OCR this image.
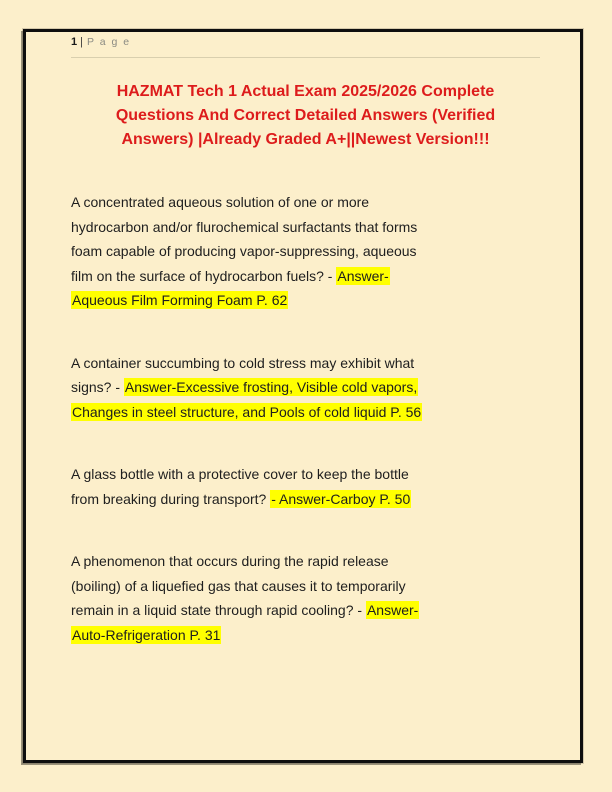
1 | P a g e
HAZMAT Tech 1 Actual Exam 2025/2026 Complete
Questions And Correct Detailed Answers (Verified
Answers) |Already Graded A+||Newest Version!!!
A concentrated aqueous solution of one or more
hydrocarbon and/or flurochemical surfactants that forms
foam capable of producing vapor-suppressing, aqueous
film on the surface of hydrocarbon fuels? - Answer-
Aqueous Film Forming Foam P. 62
A container succumbing to cold stress may exhibit what
signs? - Answer-Excessive frosting, Visible cold vapors,
Changes in steel structure, and Pools of cold liquid P. 56
A glass bottle with a protective cover to keep the bottle
from breaking during transport? - Answer-Carboy P. 50
A phenomenon that occurs during the rapid release
(boiling) of a liquefied gas that causes it to temporarily
remain in a liquid state through rapid cooling? - Answer-
Auto-Refrigeration P. 31
